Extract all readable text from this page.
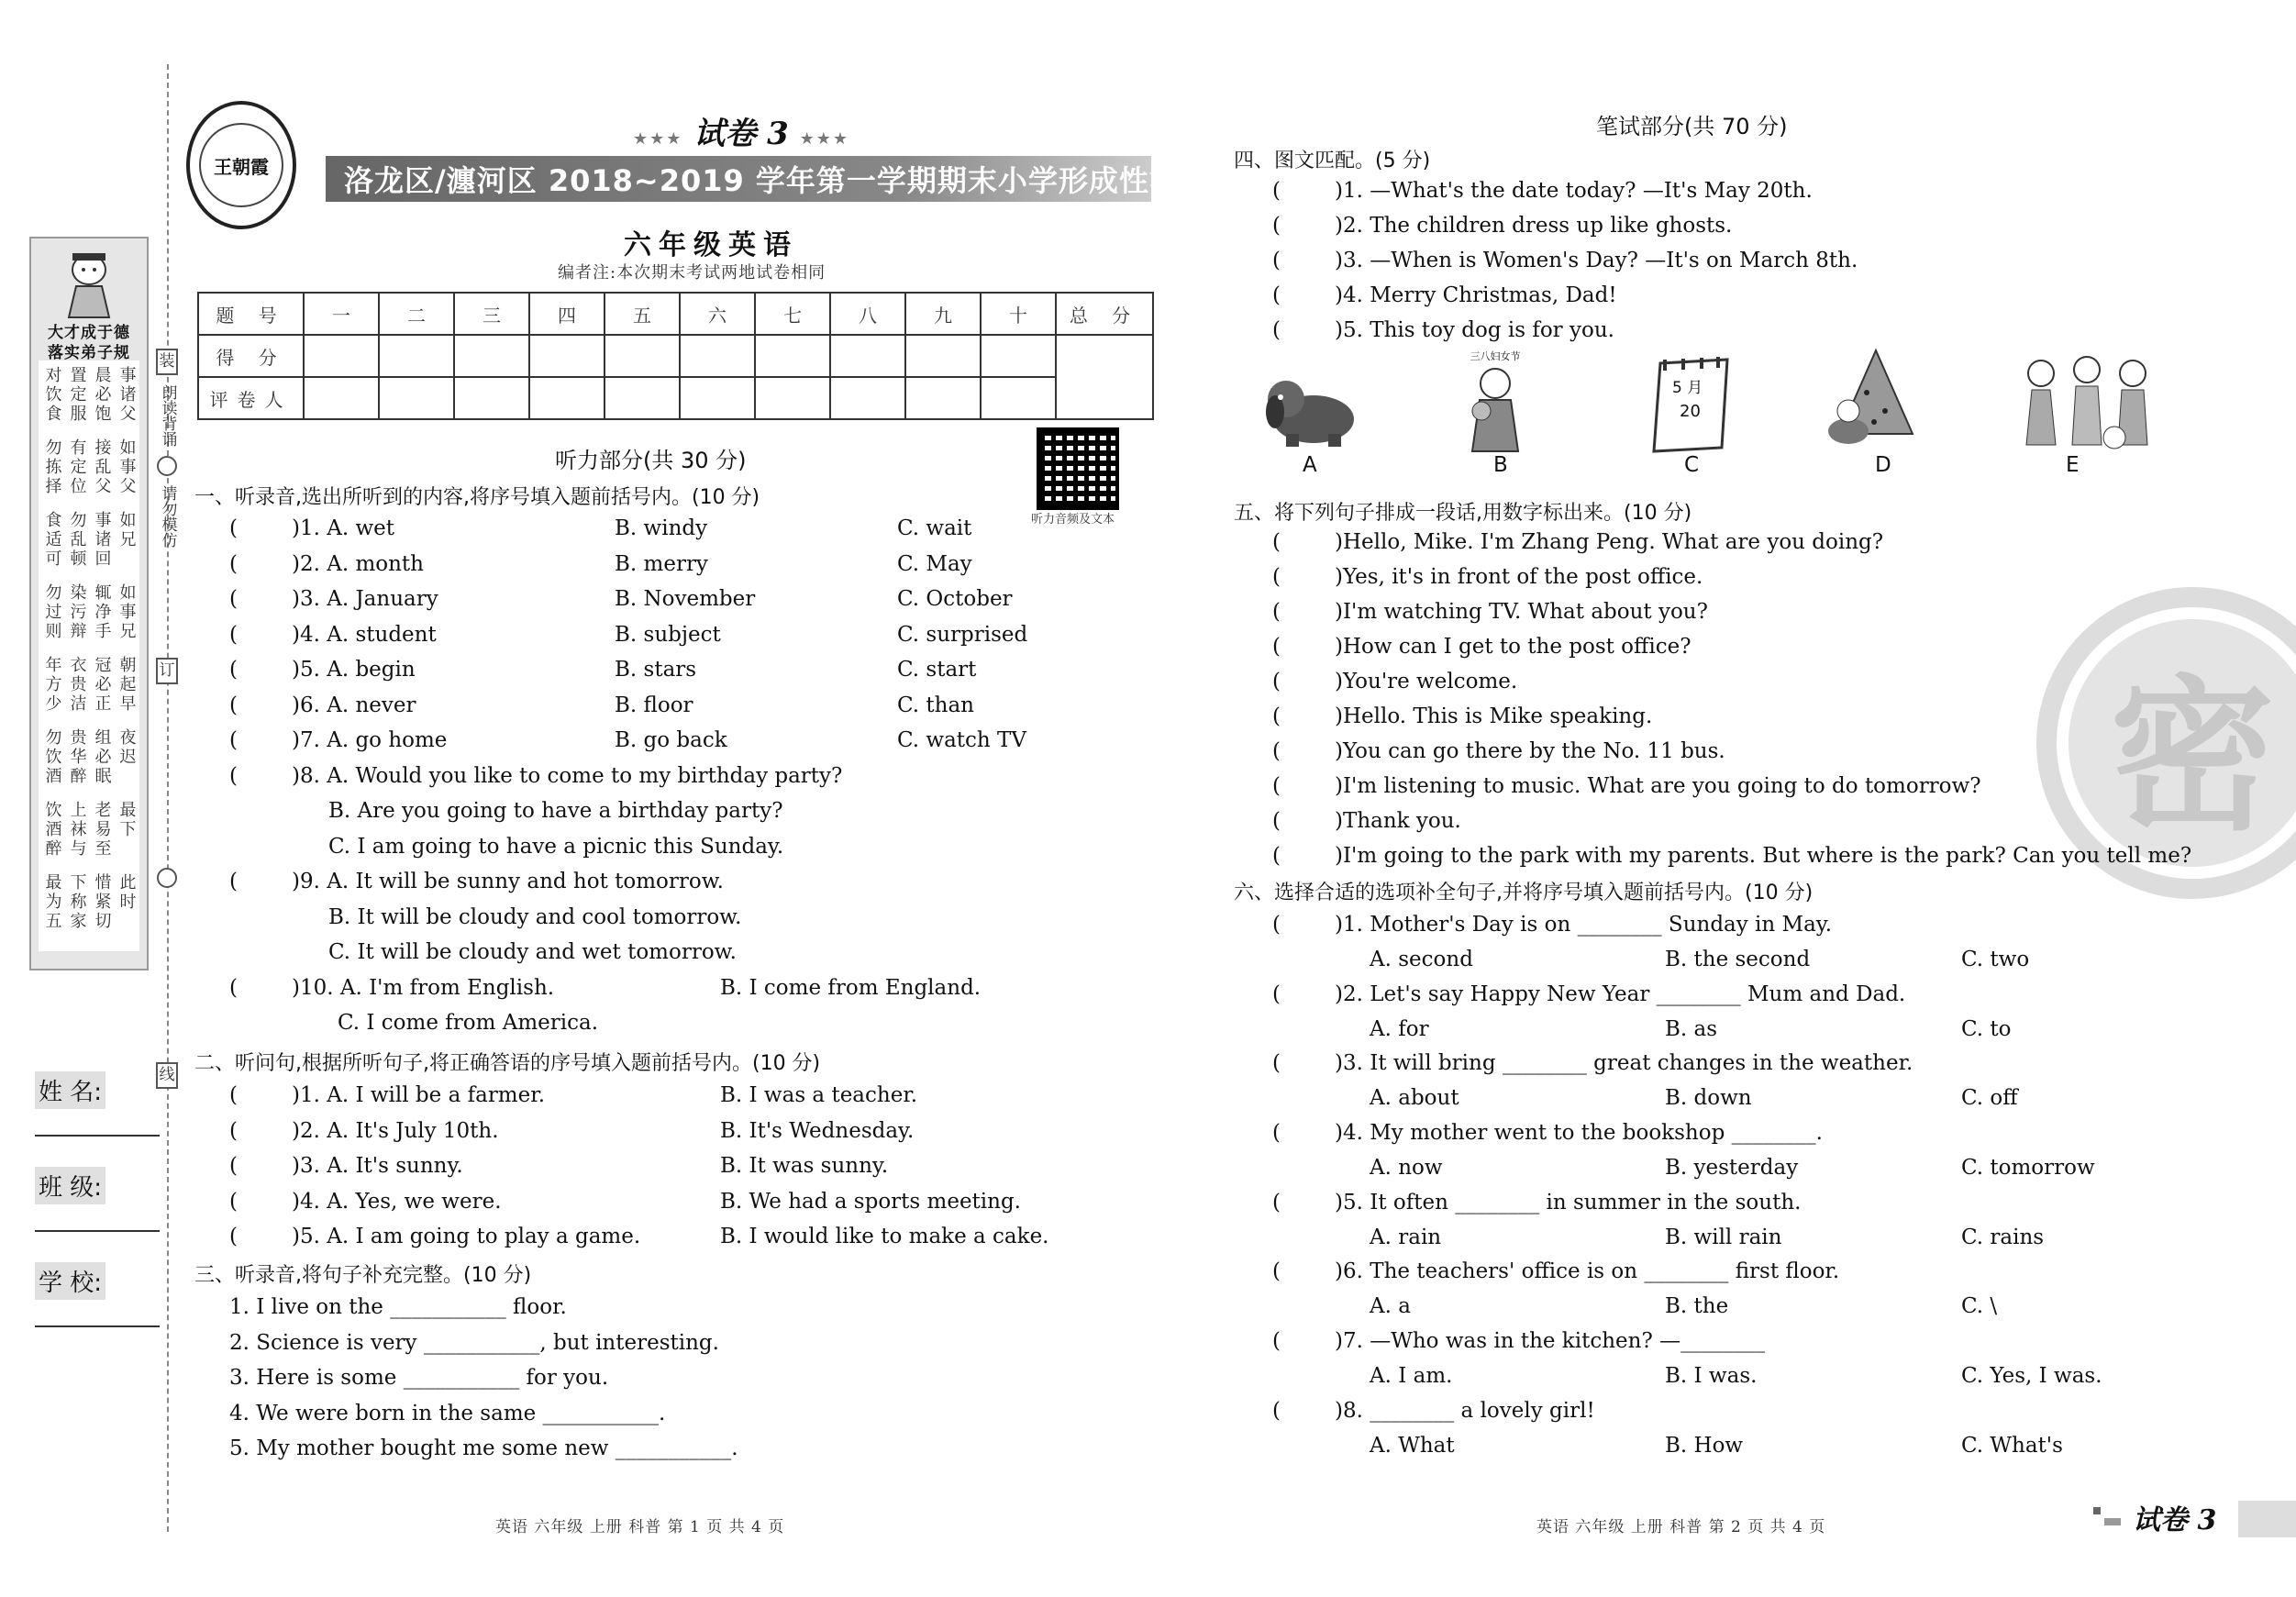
大才成于德
落实弟子规
对饮食 置定服 晨必饱 事诸父
勿拣择 有定位 接乱父 如事父
食适可 勿乱顿 事诸回 如兄
勿过则 染污辩 辄净手 如事兄
年方少 衣贵洁 冠必正 朝起早
勿饮酒 贵华醉 组必眠 夜迟
饮酒醉 上袜与 老易至 最下
最为五 下称家 惜紧切 此时
装
朗读背诵
请勿模仿
订
线
姓 名:
班 级:
学 校:
王朝霞
★★★ 试卷 3 ★★★
洛龙区/瀍河区 2018~2019 学年第一学期期末小学形成性测试
六年级英语
编者注:本次期末考试两地试卷相同
题 号	一	二	三	四	五	六	七	八	九	十	总 分
得 分											
评卷人											
听力音频及文本
听力部分(共 30 分)
一、听录音,选出所听到的内容,将序号填入题前括号内。(10 分)
(	)1. A. wet	B. windy	C. wait
(	)2. A. month	B. merry	C. May
(	)3. A. January	B. November	C. October
(	)4. A. student	B. subject	C. surprised
(	)5. A. begin	B. stars	C. start
(	)6. A. never	B. floor	C. than
(	)7. A. go home	B. go back	C. watch TV
(	)8. A. Would you like to come to my birthday party?
B. Are you going to have a birthday party?
C. I am going to have a picnic this Sunday.
(	)9. A. It will be sunny and hot tomorrow.
B. It will be cloudy and cool tomorrow.
C. It will be cloudy and wet tomorrow.
(	)10. A. I'm from English.	B. I come from England.
C. I come from America.
二、听问句,根据所听句子,将正确答语的序号填入题前括号内。(10 分)
(	)1. A. I will be a farmer.	B. I was a teacher.
(	)2. A. It's July 10th.	B. It's Wednesday.
(	)3. A. It's sunny.	B. It was sunny.
(	)4. A. Yes, we were.	B. We had a sports meeting.
(	)5. A. I am going to play a game.	B. I would like to make a cake.
三、听录音,将句子补充完整。(10 分)
1. I live on the ___________ floor.
2. Science is very ___________, but interesting.
3. Here is some ___________ for you.
4. We were born in the same ___________.
5. My mother bought me some new ___________.
英语 六年级 上册 科普 第 1 页 共 4 页
密
笔试部分(共 70 分)
四、图文匹配。(5 分)
(	)1. —What's the date today? —It's May 20th.
(	)2. The children dress up like ghosts.
(	)3. —When is Women's Day? —It's on March 8th.
(	)4. Merry Christmas, Dad!
(	)5. This toy dog is for you.
三八妇女节
5 月
20
A	B	C	D	E
五、将下列句子排成一段话,用数字标出来。(10 分)
(	)Hello, Mike. I'm Zhang Peng. What are you doing?
(	)Yes, it's in front of the post office.
(	)I'm watching TV. What about you?
(	)How can I get to the post office?
(	)You're welcome.
(	)Hello. This is Mike speaking.
(	)You can go there by the No. 11 bus.
(	)I'm listening to music. What are you going to do tomorrow?
(	)Thank you.
(	)I'm going to the park with my parents. But where is the park? Can you tell me?
六、选择合适的选项补全句子,并将序号填入题前括号内。(10 分)
(	)1. Mother's Day is on ________ Sunday in May.
A. second	B. the second	C. two
(	)2. Let's say Happy New Year ________ Mum and Dad.
A. for	B. as	C. to
(	)3. It will bring ________ great changes in the weather.
A. about	B. down	C. off
(	)4. My mother went to the bookshop ________.
A. now	B. yesterday	C. tomorrow
(	)5. It often ________ in summer in the south.
A. rain	B. will rain	C. rains
(	)6. The teachers' office is on ________ first floor.
A. a	B. the	C. \
(	)7. —Who was in the kitchen? —________
A. I am.	B. I was.	C. Yes, I was.
(	)8. ________ a lovely girl!
A. What	B. How	C. What's
英语 六年级 上册 科普 第 2 页 共 4 页	试卷 3
